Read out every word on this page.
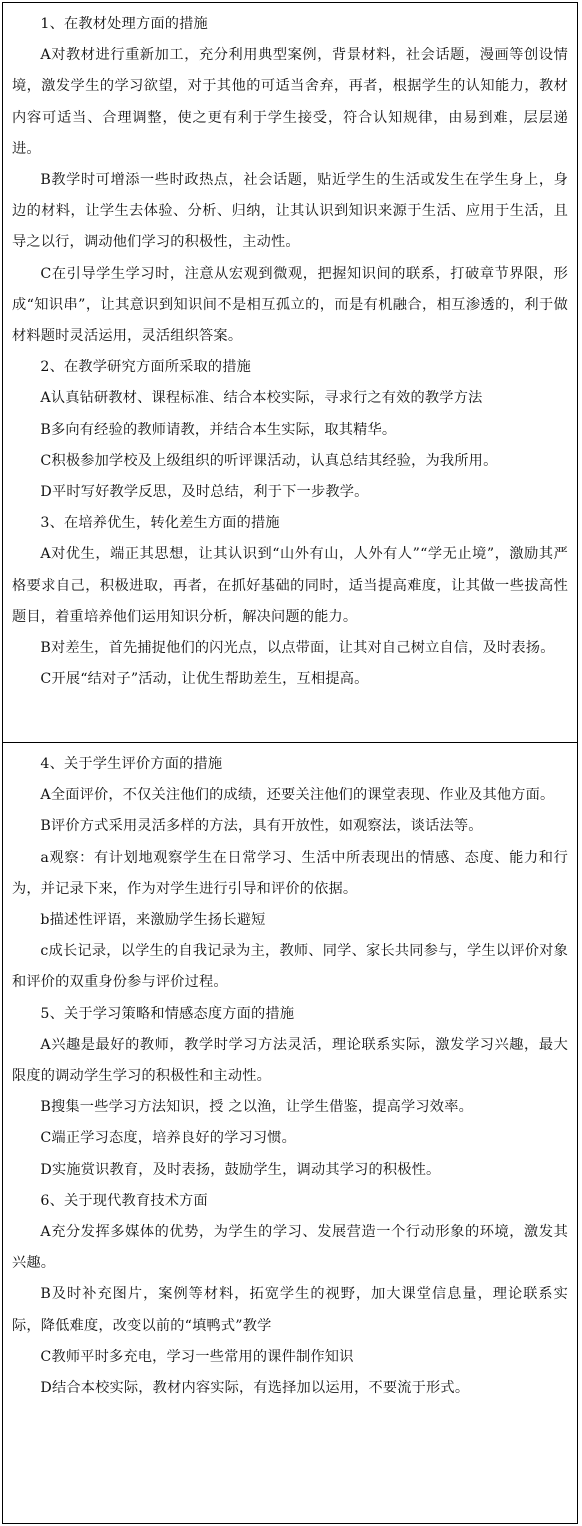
1、在教材处理方面的措施

A对教材进行重新加工，充分利用典型案例，背景材料，社会话题，漫画等创设情境，激发学生的学习欲望，对于其他的可适当舍弃，再者，根据学生的认知能力，教材内容可适当、合理调整，使之更有利于学生接受，符合认知规律，由易到难，层层递进。

B教学时可增添一些时政热点，社会话题，贴近学生的生活或发生在学生身上，身边的材料，让学生去体验、分析、归纳，让其认识到知识来源于生活、应用于生活，且导之以行，调动他们学习的积极性，主动性。

C在引导学生学习时，注意从宏观到微观，把握知识间的联系，打破章节界限，形成“知识串”，让其意识到知识间不是相互孤立的，而是有机融合，相互渗透的，利于做材料题时灵活运用，灵活组织答案。

2、在教学研究方面所采取的措施

A认真钻研教材、课程标准、结合本校实际，寻求行之有效的教学方法

B多向有经验的教师请教，并结合本生实际，取其精华。

C积极参加学校及上级组织的听评课活动，认真总结其经验，为我所用。

D平时写好教学反思，及时总结，利于下一步教学。

3、在培养优生，转化差生方面的措施

A对优生，端正其思想，让其认识到“山外有山，人外有人”“学无止境”，激励其严格要求自己，积极进取，再者，在抓好基础的同时，适当提高难度，让其做一些拔高性题目，着重培养他们运用知识分析，解决问题的能力。

B对差生，首先捕捉他们的闪光点，以点带面，让其对自己树立自信，及时表扬。

C开展“结对子”活动，让优生帮助差生，互相提高。

4、关于学生评价方面的措施

A全面评价，不仅关注他们的成绩，还要关注他们的课堂表现、作业及其他方面。

B评价方式采用灵活多样的方法，具有开放性，如观察法，谈话法等。

a观察：有计划地观察学生在日常学习、生活中所表现出的情感、态度、能力和行为，并记录下来，作为对学生进行引导和评价的依据。

b描述性评语，来激励学生扬长避短

c成长记录，以学生的自我记录为主，教师、同学、家长共同参与，学生以评价对象和评价的双重身份参与评价过程。

5、关于学习策略和情感态度方面的措施

A兴趣是最好的教师，教学时学习方法灵活，理论联系实际，激发学习兴趣，最大限度的调动学生学习的积极性和主动性。

B搜集一些学习方法知识，授 之以渔，让学生借鉴，提高学习效率。

C端正学习态度，培养良好的学习习惯。

D实施赏识教育，及时表扬，鼓励学生，调动其学习的积极性。

6、关于现代教育技术方面

A充分发挥多媒体的优势，为学生的学习、发展营造一个行动形象的环境，激发其兴趣。

B及时补充图片，案例等材料，拓宽学生的视野，加大课堂信息量，理论联系实际，降低难度，改变以前的“填鸭式”教学

C教师平时多充电，学习一些常用的课件制作知识

D结合本校实际，教材内容实际，有选择加以运用，不要流于形式。
